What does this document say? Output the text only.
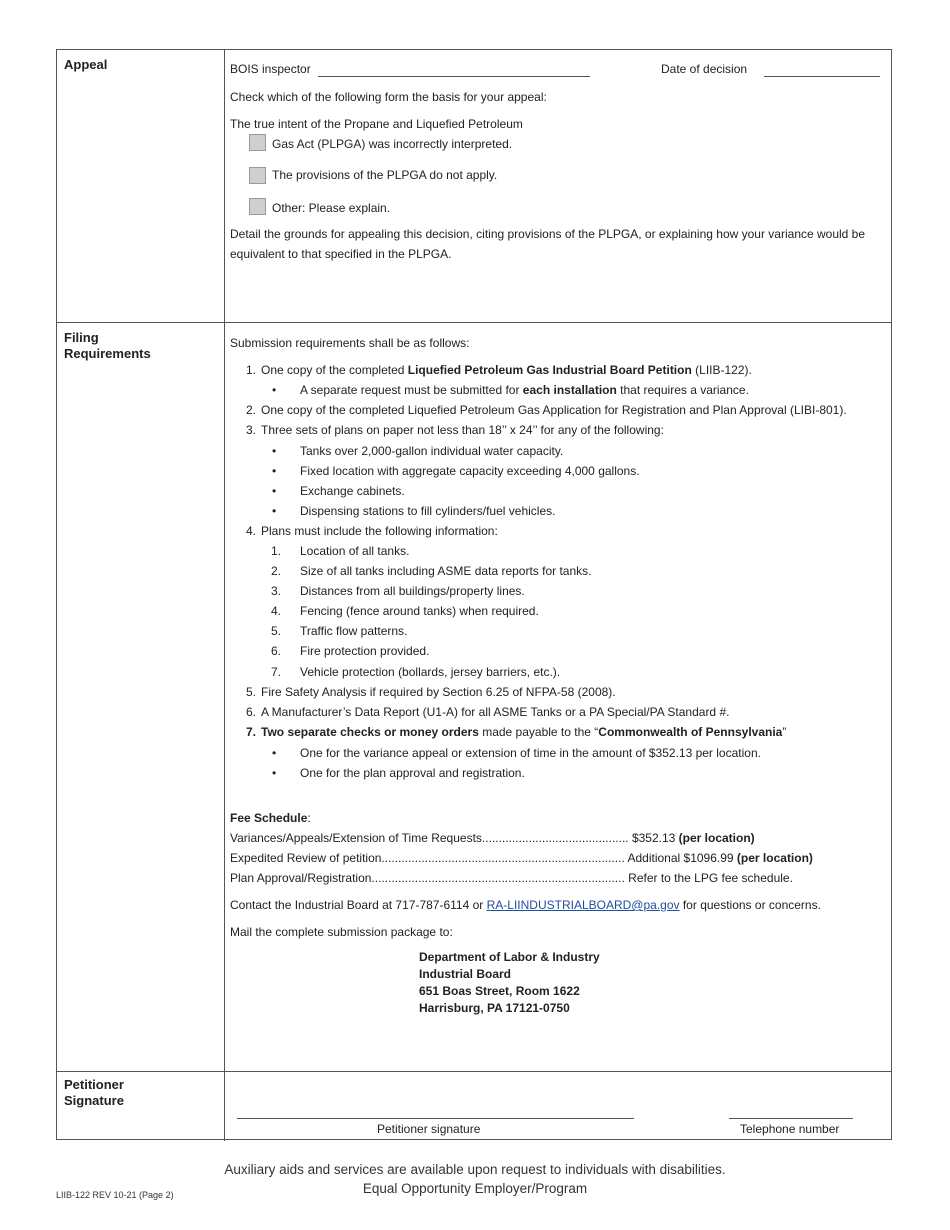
Appeal	BOIS inspector	Date of decision
Check which of the following form the basis for your appeal:
The true intent of the Propane and Liquefied Petroleum
Gas Act (PLPGA) was incorrectly interpreted.
The provisions of the PLPGA do not apply.
Other: Please explain.
Detail the grounds for appealing this decision, citing provisions of the PLPGA, or explaining how your variance would be
equivalent to that specified in the PLPGA.
Filing
Requirements
Submission requirements shall be as follows:
1. One copy of the completed Liquefied Petroleum Gas Industrial Board Petition (LIIB-122).
• A separate request must be submitted for each installation that requires a variance.
2. One copy of the completed Liquefied Petroleum Gas Application for Registration and Plan Approval (LIBI-801).
3. Three sets of plans on paper not less than 18’’ x 24’’ for any of the following:
• Tanks over 2,000-gallon individual water capacity.
• Fixed location with aggregate capacity exceeding 4,000 gallons.
• Exchange cabinets.
• Dispensing stations to fill cylinders/fuel vehicles.
4. Plans must include the following information:
1. Location of all tanks.
2. Size of all tanks including ASME data reports for tanks.
3. Distances from all buildings/property lines.
4. Fencing (fence around tanks) when required.
5. Traffic flow patterns.
6. Fire protection provided.
7. Vehicle protection (bollards, jersey barriers, etc.).
5. Fire Safety Analysis if required by Section 6.25 of NFPA-58 (2008).
6. A Manufacturer’s Data Report (U1-A) for all ASME Tanks or a PA Special/PA Standard #.
7. Two separate checks or money orders made payable to the “Commonwealth of Pennsylvania”
• One for the variance appeal or extension of time in the amount of $352.13 per location.
• One for the plan approval and registration.
Fee Schedule:
Variances/Appeals/Extension of Time Requests............................................ $352.13 (per location)
Expedited Review of petition......................................................................... Additional $1096.99 (per location)
Plan Approval/Registration............................................................................ Refer to the LPG fee schedule.
Contact the Industrial Board at 717-787-6114 or RA-LIINDUSTRIALBOARD@pa.gov for questions or concerns.
Mail the complete submission package to:
Department of Labor & Industry
Industrial Board
651 Boas Street, Room 1622
Harrisburg, PA 17121-0750
Petitioner
Signature
Petitioner signature	Telephone number
Auxiliary aids and services are available upon request to individuals with disabilities.
Equal Opportunity Employer/Program
LIIB-122 REV 10-21 (Page 2)
